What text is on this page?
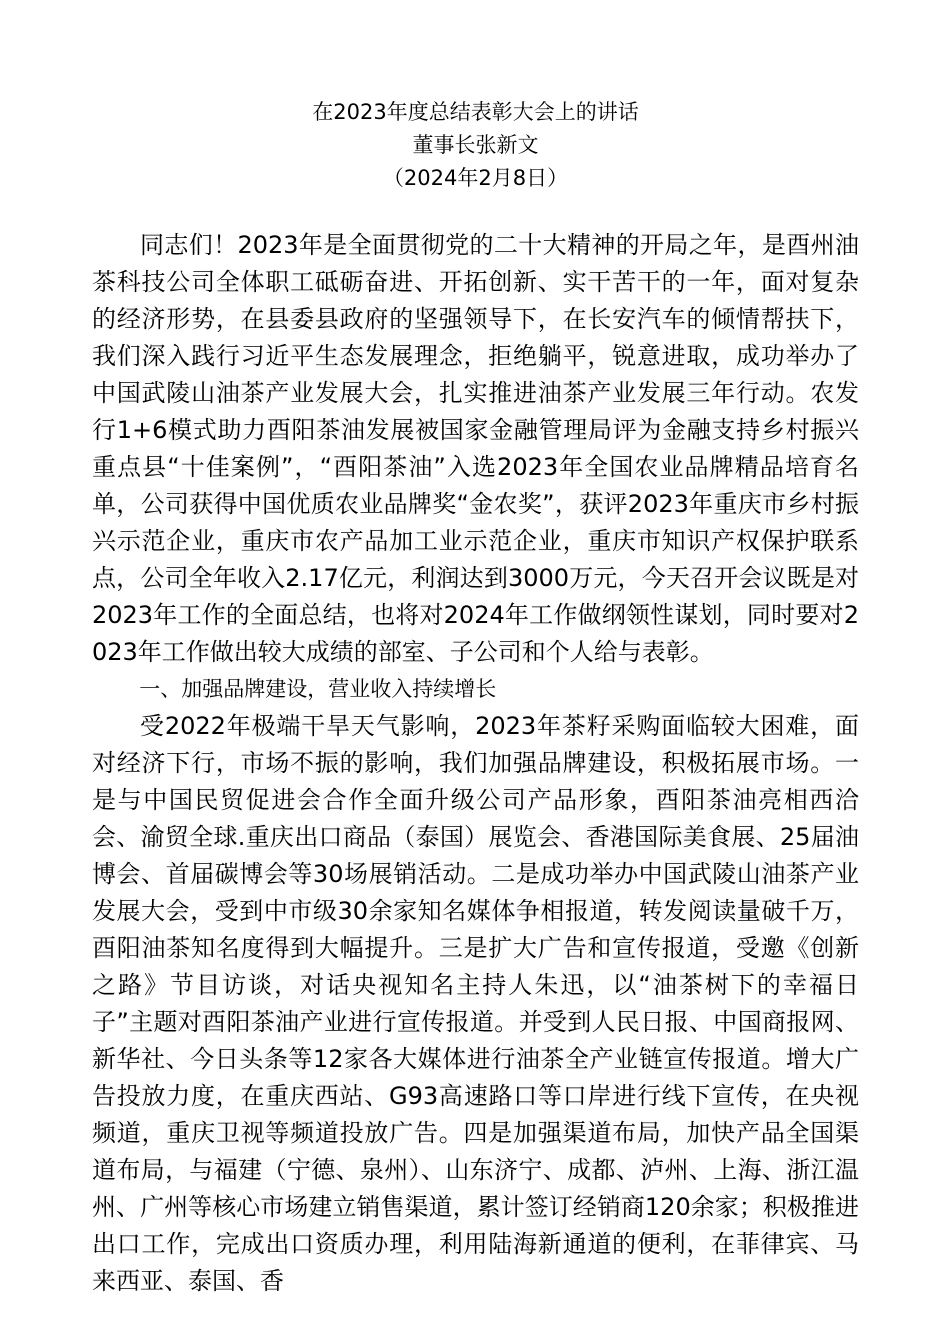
在2023年度总结表彰大会上的讲话

董事长张新文

（2024年2月8日）

同志们！2023年是全面贯彻党的二十大精神的开局之年，是酉州油茶科技公司全体职工砥砺奋进、开拓创新、实干苦干的一年，面对复杂的经济形势，在县委县政府的坚强领导下，在长安汽车的倾情帮扶下，我们深入践行习近平生态发展理念，拒绝躺平，锐意进取，成功举办了中国武陵山油茶产业发展大会，扎实推进油茶产业发展三年行动。农发行1+6模式助力酉阳茶油发展被国家金融管理局评为金融支持乡村振兴重点县“十佳案例”，“酉阳茶油”入选2023年全国农业品牌精品培育名单，公司获得中国优质农业品牌奖“金农奖”，获评2023年重庆市乡村振兴示范企业，重庆市农产品加工业示范企业，重庆市知识产权保护联系点，公司全年收入2.17亿元，利润达到3000万元，今天召开会议既是对2023年工作的全面总结，也将对2024年工作做纲领性谋划，同时要对2023年工作做出较大成绩的部室、子公司和个人给与表彰。

一、加强品牌建设，营业收入持续增长

受2022年极端干旱天气影响，2023年茶籽采购面临较大困难，面对经济下行，市场不振的影响，我们加强品牌建设，积极拓展市场。一是与中国民贸促进会合作全面升级公司产品形象，酉阳茶油亮相西洽会、渝贸全球.重庆出口商品（泰国）展览会、香港国际美食展、25届油博会、首届碳博会等30场展销活动。二是成功举办中国武陵山油茶产业发展大会，受到中市级30余家知名媒体争相报道，转发阅读量破千万，酉阳油茶知名度得到大幅提升。三是扩大广告和宣传报道，受邀《创新之路》节目访谈，对话央视知名主持人朱迅，以“油茶树下的幸福日子”主题对酉阳茶油产业进行宣传报道。并受到人民日报、中国商报网、新华社、今日头条等12家各大媒体进行油茶全产业链宣传报道。增大广告投放力度，在重庆西站、G93高速路口等口岸进行线下宣传，在央视频道，重庆卫视等频道投放广告。四是加强渠道布局，加快产品全国渠道布局，与福建（宁德、泉州）、山东济宁、成都、泸州、上海、浙江温州、广州等核心市场建立销售渠道，累计签订经销商120余家；积极推进出口工作，完成出口资质办理，利用陆海新通道的便利，在菲律宾、马来西亚、泰国、香
